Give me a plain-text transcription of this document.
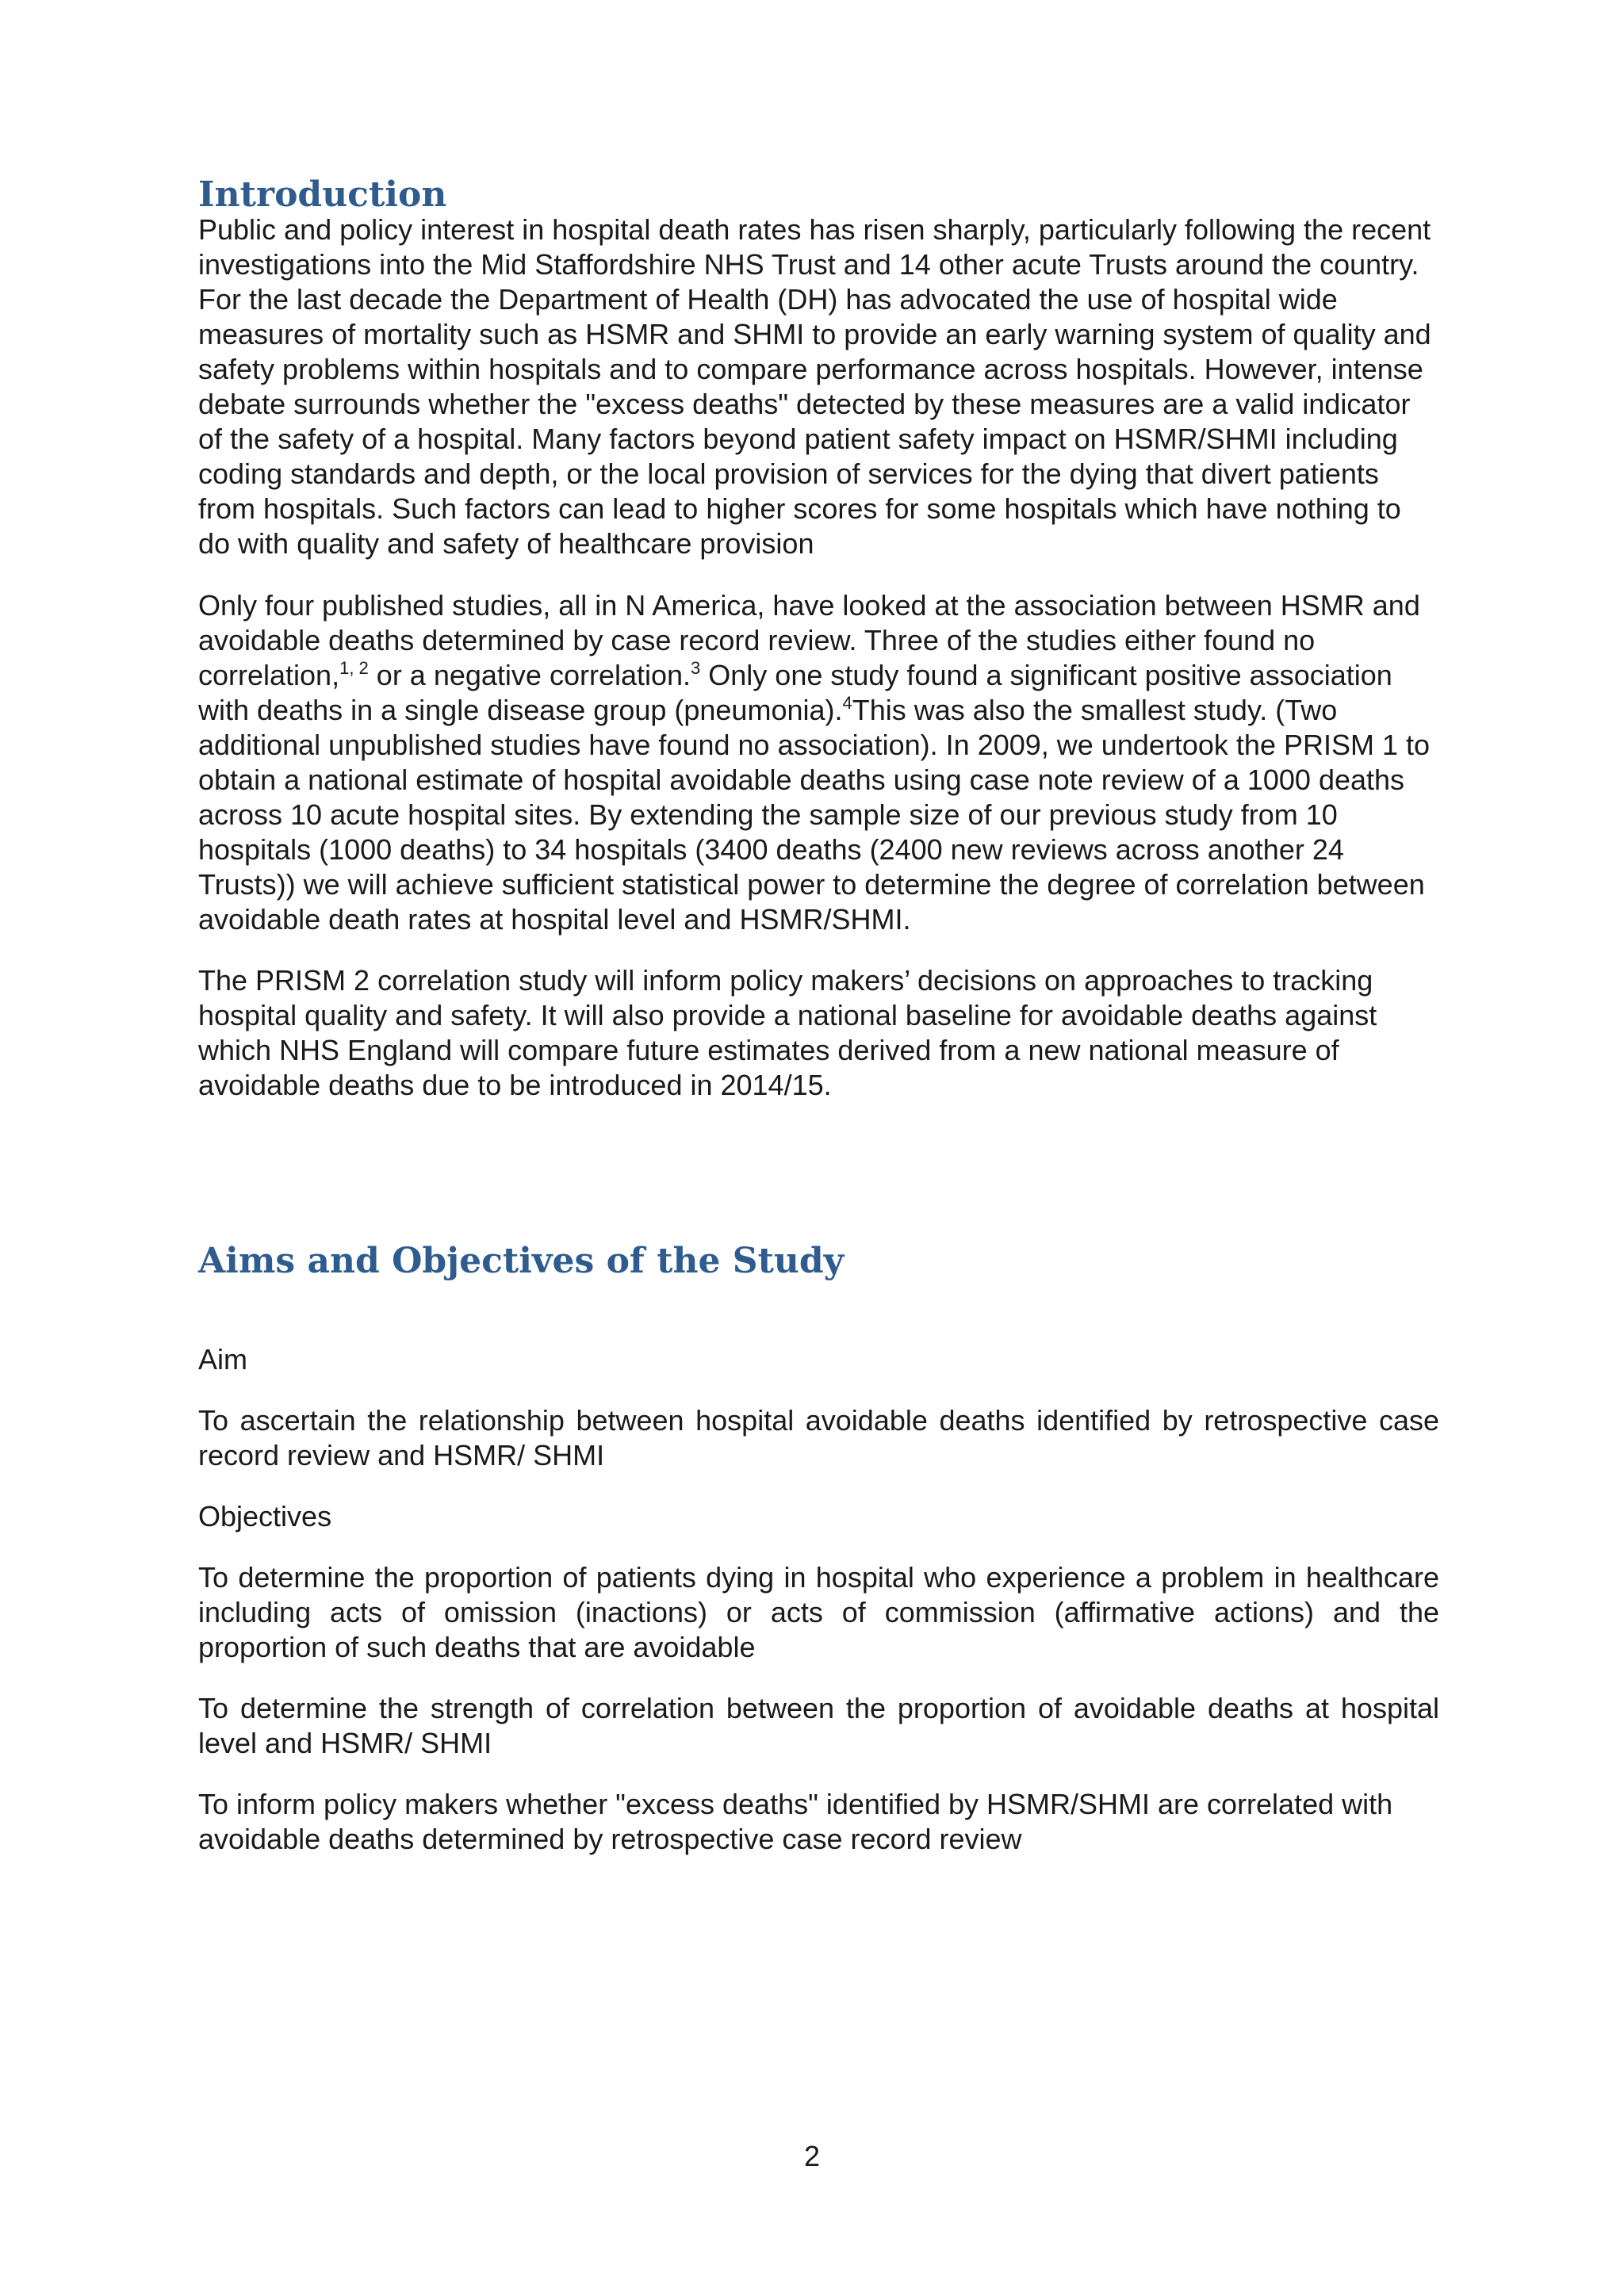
Introduction

Public and policy interest in hospital death rates has risen sharply, particularly following the recent investigations into the Mid Staffordshire NHS Trust and 14 other acute Trusts around the country. For the last decade the Department of Health (DH) has advocated the use of hospital wide measures of mortality such as HSMR and SHMI to provide an early warning system of quality and safety problems within hospitals and to compare performance across hospitals. However, intense debate surrounds whether the "excess deaths" detected by these measures are a valid indicator of the safety of a hospital. Many factors beyond patient safety impact on HSMR/SHMI including coding standards and depth, or the local provision of services for the dying that divert patients from hospitals. Such factors can lead to higher scores for some hospitals which have nothing to do with quality and safety of healthcare provision

Only four published studies, all in N America, have looked at the association between HSMR and avoidable deaths determined by case record review. Three of the studies either found no correlation,$^{1, 2}$ or a negative correlation.$^3$ Only one study found a significant positive association with deaths in a single disease group (pneumonia).$^4$This was also the smallest study. (Two additional unpublished studies have found no association). In 2009, we undertook the PRISM 1 to obtain a national estimate of hospital avoidable deaths using case note review of a 1000 deaths across 10 acute hospital sites. By extending the sample size of our previous study from 10 hospitals (1000 deaths) to 34 hospitals (3400 deaths (2400 new reviews across another 24 Trusts)) we will achieve sufficient statistical power to determine the degree of correlation between avoidable death rates at hospital level and HSMR/SHMI.

The PRISM 2 correlation study will inform policy makers’ decisions on approaches to tracking hospital quality and safety. It will also provide a national baseline for avoidable deaths against which NHS England will compare future estimates derived from a new national measure of avoidable deaths due to be introduced in 2014/15.

Aims and Objectives of the Study

Aim

To ascertain the relationship between hospital avoidable deaths identified by retrospective case record review and HSMR/ SHMI

Objectives

To determine the proportion of patients dying in hospital who experience a problem in healthcare including acts of omission (inactions) or acts of commission (affirmative actions) and the proportion of such deaths that are avoidable

To determine the strength of correlation between the proportion of avoidable deaths at hospital level and HSMR/ SHMI

To inform policy makers whether "excess deaths" identified by HSMR/SHMI are correlated with avoidable deaths determined by retrospective case record review

2
